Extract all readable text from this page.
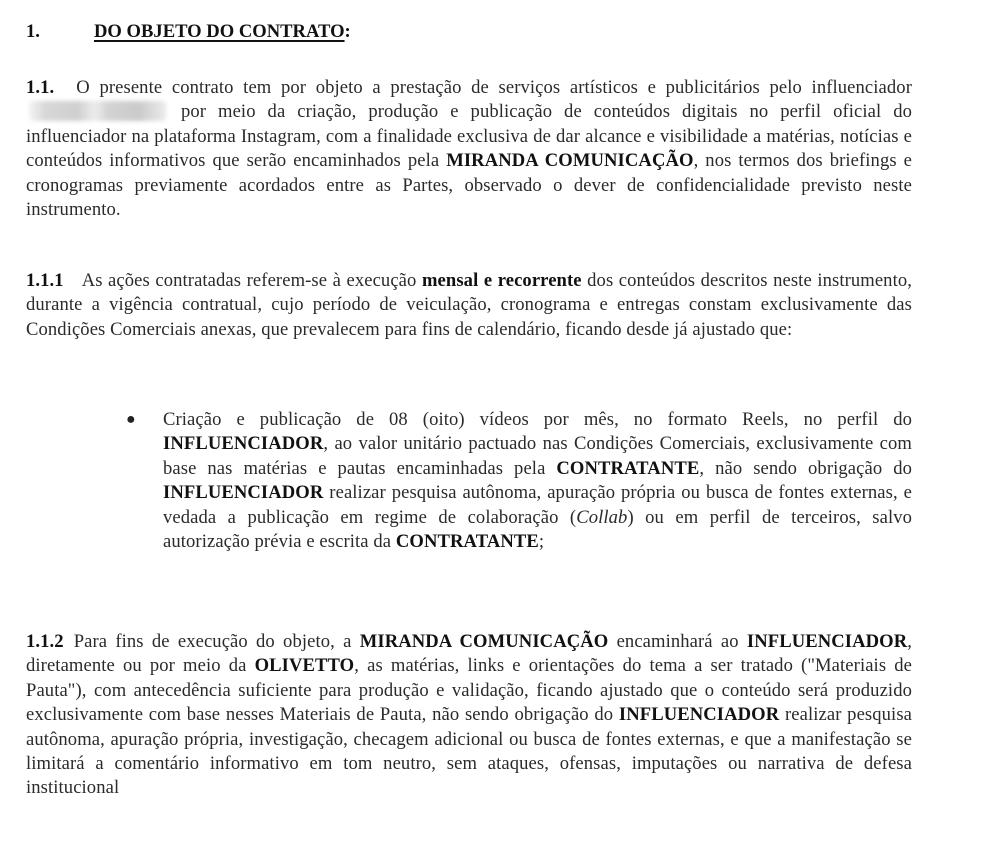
1.	DO OBJETO DO CONTRATO:

1.1. O presente contrato tem por objeto a prestação de serviços artísticos e publicitários pelo influenciador  por meio da criação, produção e publicação de conteúdos digitais no perfil oficial do influenciador na plataforma Instagram, com a finalidade exclusiva de dar alcance e visibilidade a matérias, notícias e conteúdos informativos que serão encaminhados pela MIRANDA COMUNICAÇÃO, nos termos dos briefings e cronogramas previamente acordados entre as Partes, observado o dever de confidencialidade previsto neste instrumento.

1.1.1 As ações contratadas referem-se à execução mensal e recorrente dos conteúdos descritos neste instrumento, durante a vigência contratual, cujo período de veiculação, cronograma e entregas constam exclusivamente das Condições Comerciais anexas, que prevalecem para fins de calendário, ficando desde já ajustado que:

● Criação e publicação de 08 (oito) vídeos por mês, no formato Reels, no perfil do INFLUENCIADOR, ao valor unitário pactuado nas Condições Comerciais, exclusivamente com base nas matérias e pautas encaminhadas pela CONTRATANTE, não sendo obrigação do INFLUENCIADOR realizar pesquisa autônoma, apuração própria ou busca de fontes externas, e vedada a publicação em regime de colaboração (Collab) ou em perfil de terceiros, salvo autorização prévia e escrita da CONTRATANTE;

1.1.2 Para fins de execução do objeto, a MIRANDA COMUNICAÇÃO encaminhará ao INFLUENCIADOR, diretamente ou por meio da OLIVETTO, as matérias, links e orientações do tema a ser tratado ("Materiais de Pauta"), com antecedência suficiente para produção e validação, ficando ajustado que o conteúdo será produzido exclusivamente com base nesses Materiais de Pauta, não sendo obrigação do INFLUENCIADOR realizar pesquisa autônoma, apuração própria, investigação, checagem adicional ou busca de fontes externas, e que a manifestação se limitará a comentário informativo em tom neutro, sem ataques, ofensas, imputações ou narrativa de defesa institucional
